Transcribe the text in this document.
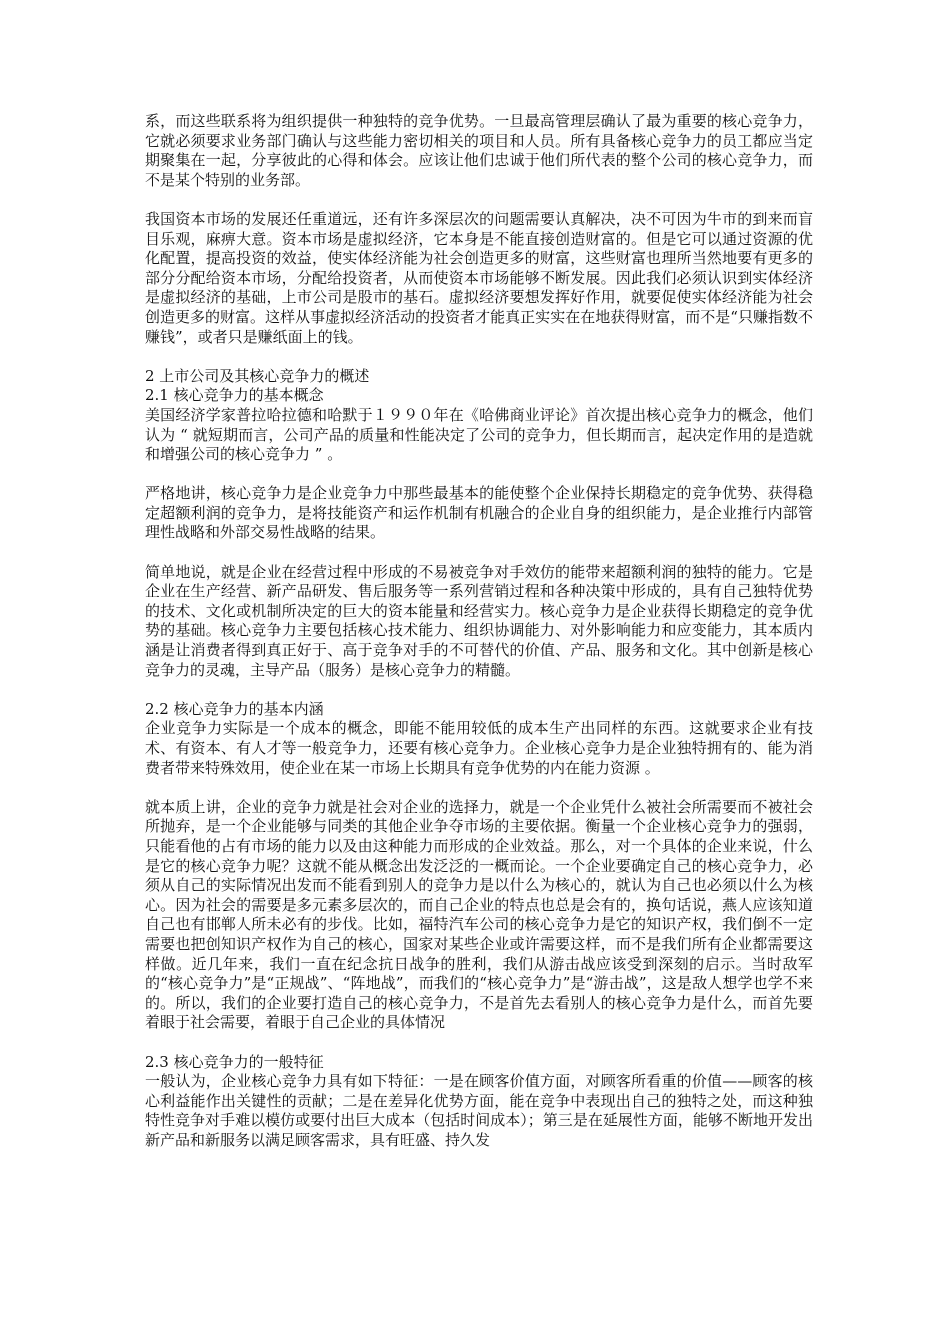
系，而这些联系将为组织提供一种独特的竞争优势。一旦最高管理层确认了最为重要的核心竞争力，它就必须要求业务部门确认与这些能力密切相关的项目和人员。所有具备核心竞争力的员工都应当定期聚集在一起，分享彼此的心得和体会。应该让他们忠诚于他们所代表的整个公司的核心竞争力，而不是某个特别的业务部。

我国资本市场的发展还任重道远，还有许多深层次的问题需要认真解决，决不可因为牛市的到来而盲目乐观，麻痹大意。资本市场是虚拟经济，它本身是不能直接创造财富的。但是它可以通过资源的优化配置，提高投资的效益，使实体经济能为社会创造更多的财富，这些财富也理所当然地要有更多的部分分配给资本市场，分配给投资者，从而使资本市场能够不断发展。因此我们必须认识到实体经济是虚拟经济的基础，上市公司是股市的基石。虚拟经济要想发挥好作用，就要促使实体经济能为社会创造更多的财富。这样从事虚拟经济活动的投资者才能真正实实在在地获得财富，而不是“只赚指数不赚钱”，或者只是赚纸面上的钱。

2 上市公司及其核心竞争力的概述

2.1 核心竞争力的基本概念

美国经济学家普拉哈拉德和哈默于１９９０年在《哈佛商业评论》首次提出核心竞争力的概念，他们认为 “ 就短期而言，公司产品的质量和性能决定了公司的竞争力，但长期而言，起决定作用的是造就和增强公司的核心竞争力 ” 。

严格地讲，核心竞争力是企业竞争力中那些最基本的能使整个企业保持长期稳定的竞争优势、获得稳定超额利润的竞争力，是将技能资产和运作机制有机融合的企业自身的组织能力，是企业推行内部管理性战略和外部交易性战略的结果。

简单地说，就是企业在经营过程中形成的不易被竞争对手效仿的能带来超额利润的独特的能力。它是企业在生产经营、新产品研发、售后服务等一系列营销过程和各种决策中形成的，具有自己独特优势的技术、文化或机制所决定的巨大的资本能量和经营实力。核心竞争力是企业获得长期稳定的竞争优势的基础。核心竞争力主要包括核心技术能力、组织协调能力、对外影响能力和应变能力，其本质内涵是让消费者得到真正好于、高于竞争对手的不可替代的价值、产品、服务和文化。其中创新是核心竞争力的灵魂，主导产品（服务）是核心竞争力的精髓。

2.2 核心竞争力的基本内涵

企业竞争力实际是一个成本的概念，即能不能用较低的成本生产出同样的东西。这就要求企业有技术、有资本、有人才等一般竞争力，还要有核心竞争力。企业核心竞争力是企业独特拥有的、能为消费者带来特殊效用，使企业在某一市场上长期具有竞争优势的内在能力资源 。

就本质上讲，企业的竞争力就是社会对企业的选择力，就是一个企业凭什么被社会所需要而不被社会所抛弃，是一个企业能够与同类的其他企业争夺市场的主要依据。衡量一个企业核心竞争力的强弱，只能看他的占有市场的能力以及由这种能力而形成的企业效益。那么，对一个具体的企业来说，什么是它的核心竞争力呢？这就不能从概念出发泛泛的一概而论。一个企业要确定自己的核心竞争力，必须从自己的实际情况出发而不能看到别人的竞争力是以什么为核心的，就认为自己也必须以什么为核心。因为社会的需要是多元素多层次的，而自己企业的特点也总是会有的，换句话说，燕人应该知道自己也有邯郸人所未必有的步伐。比如，福特汽车公司的核心竞争力是它的知识产权，我们倒不一定需要也把创知识产权作为自己的核心，国家对某些企业或许需要这样，而不是我们所有企业都需要这样做。近几年来，我们一直在纪念抗日战争的胜利，我们从游击战应该受到深刻的启示。当时敌军的“核心竞争力”是“正规战”、“阵地战”，而我们的“核心竞争力”是“游击战”，这是敌人想学也学不来的。所以，我们的企业要打造自己的核心竞争力，不是首先去看别人的核心竞争力是什么，而首先要着眼于社会需要，着眼于自己企业的具体情况

2.3 核心竞争力的一般特征

一般认为，企业核心竞争力具有如下特征：一是在顾客价值方面，对顾客所看重的价值——顾客的核心利益能作出关键性的贡献；二是在差异化优势方面，能在竞争中表现出自己的独特之处，而这种独特性竞争对手难以模仿或要付出巨大成本（包括时间成本）；第三是在延展性方面，能够不断地开发出新产品和新服务以满足顾客需求，具有旺盛、持久发
